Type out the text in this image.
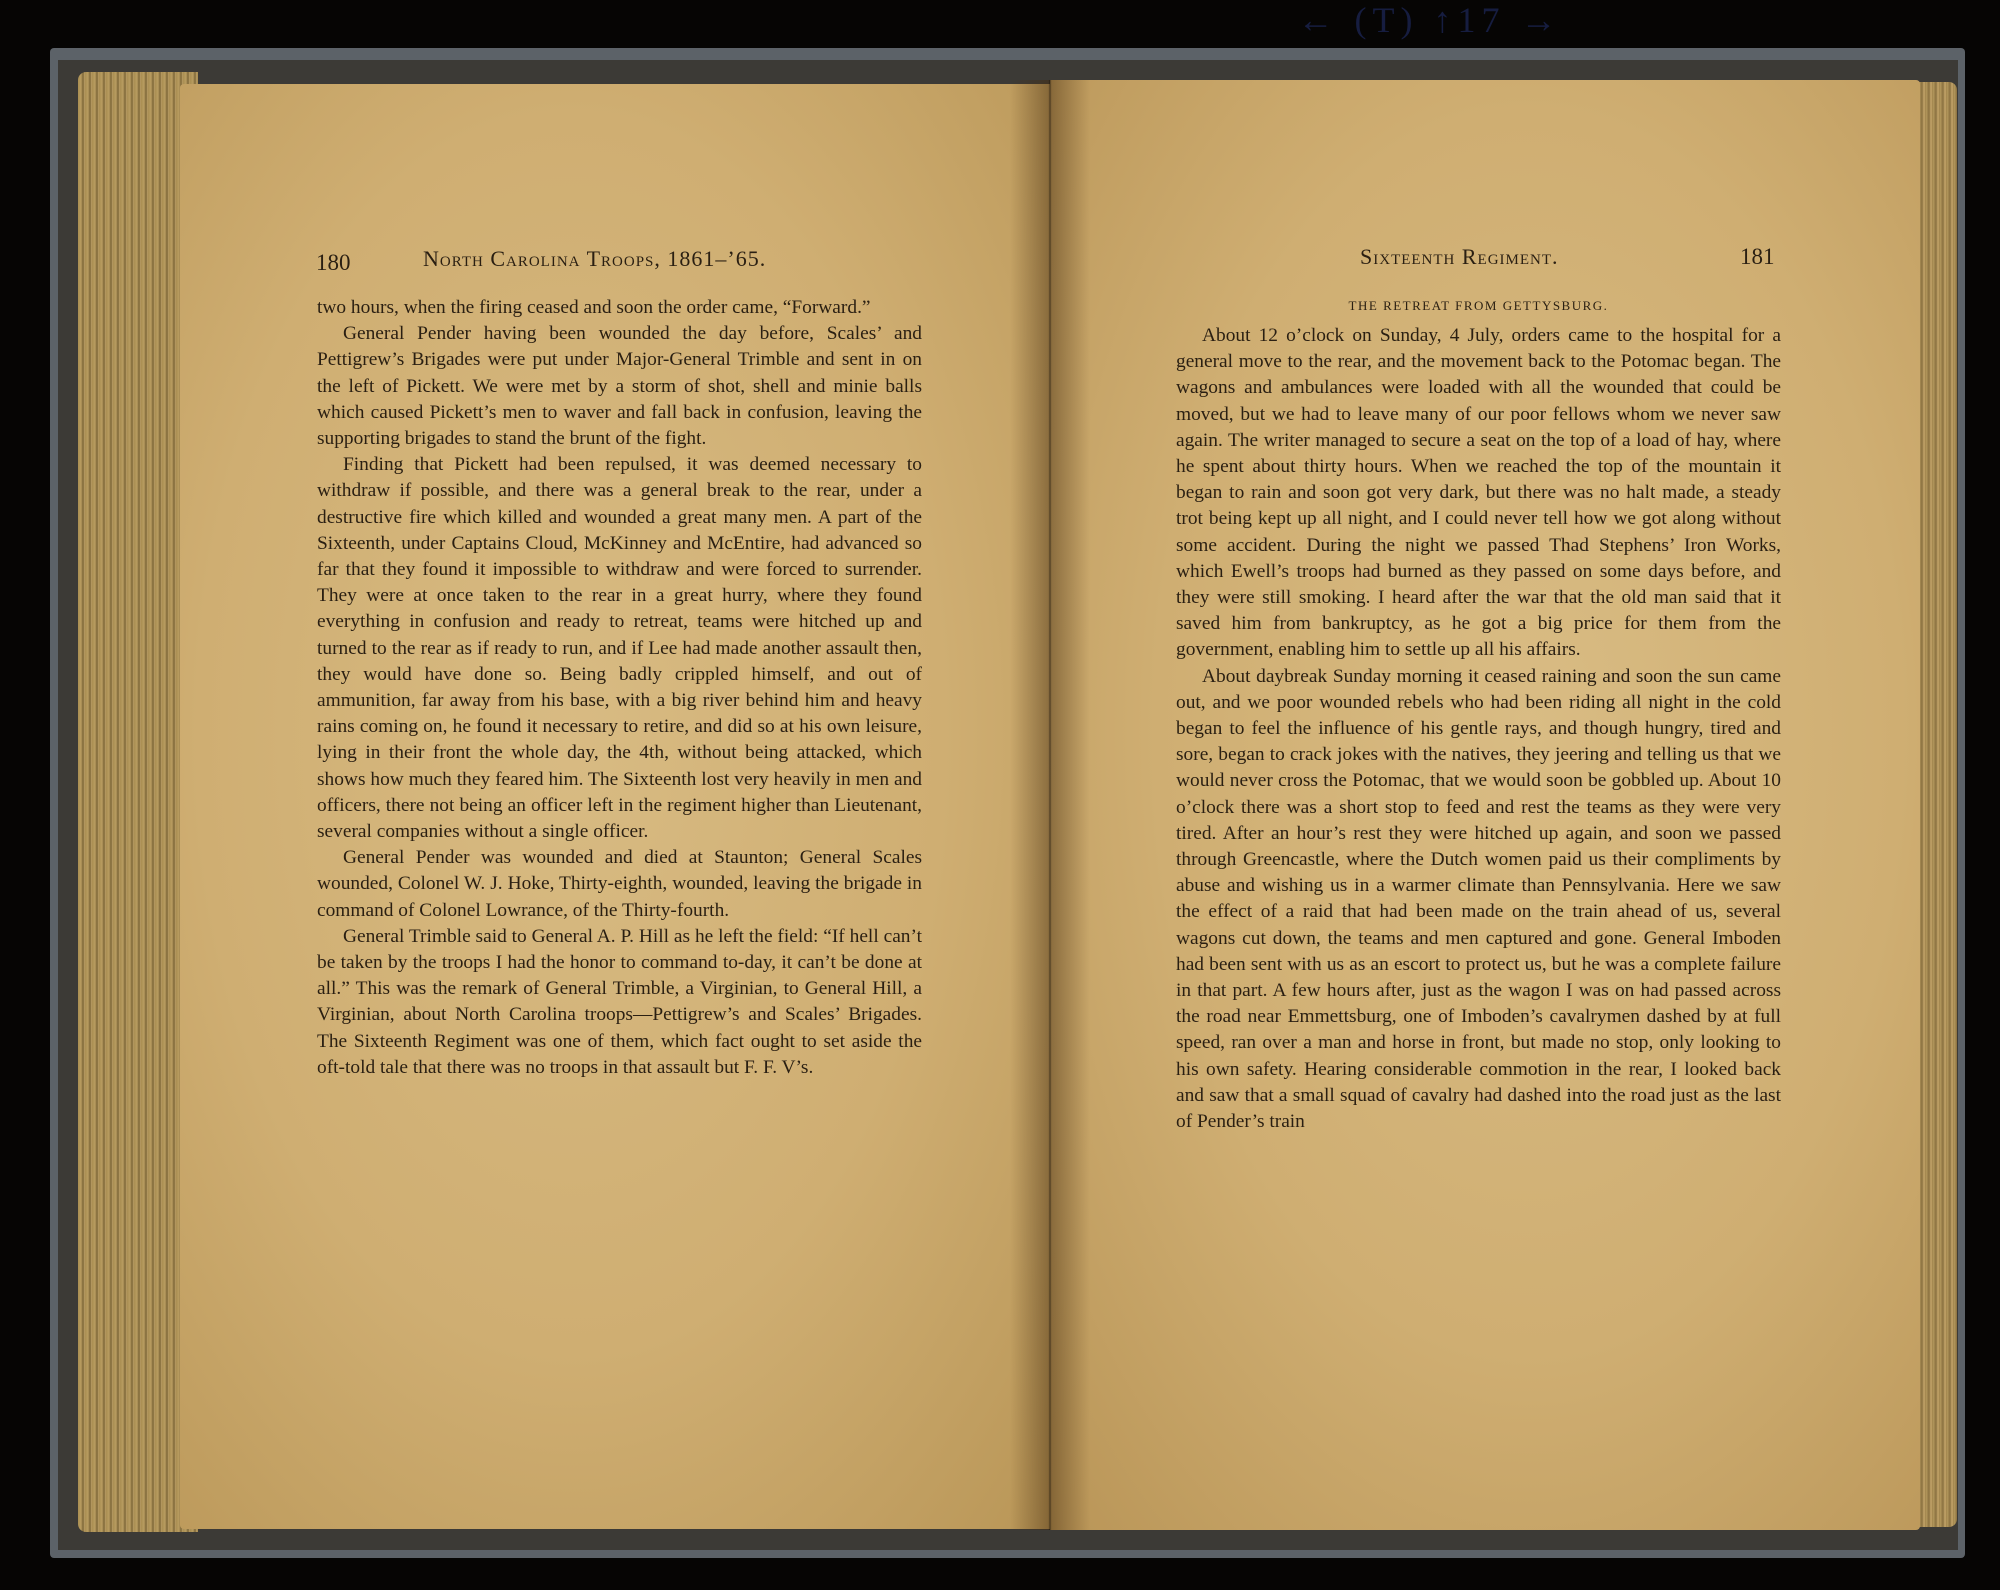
← (T) ↑17 →
180	North Carolina Troops, 1861–’65.

two hours, when the firing ceased and soon the order came, “Forward.”

General Pender having been wounded the day before, Scales’ and Pettigrew’s Brigades were put under Major-General Trimble and sent in on the left of Pickett. We were met by a storm of shot, shell and minie balls which caused Pickett’s men to waver and fall back in confusion, leaving the supporting brigades to stand the brunt of the fight.

Finding that Pickett had been repulsed, it was deemed necessary to withdraw if possible, and there was a general break to the rear, under a destructive fire which killed and wounded a great many men. A part of the Sixteenth, under Captains Cloud, McKinney and McEntire, had advanced so far that they found it impossible to withdraw and were forced to surrender. They were at once taken to the rear in a great hurry, where they found everything in confusion and ready to retreat, teams were hitched up and turned to the rear as if ready to run, and if Lee had made another assault then, they would have done so. Being badly crippled himself, and out of ammunition, far away from his base, with a big river behind him and heavy rains coming on, he found it necessary to retire, and did so at his own leisure, lying in their front the whole day, the 4th, without being attacked, which shows how much they feared him. The Sixteenth lost very heavily in men and officers, there not being an officer left in the regiment higher than Lieutenant, several companies without a single officer.

General Pender was wounded and died at Staunton; General Scales wounded, Colonel W. J. Hoke, Thirty-eighth, wounded, leaving the brigade in command of Colonel Lowrance, of the Thirty-fourth.

General Trimble said to General A. P. Hill as he left the field: “If hell can’t be taken by the troops I had the honor to command to-day, it can’t be done at all.” This was the remark of General Trimble, a Virginian, to General Hill, a Virginian, about North Carolina troops—Pettigrew’s and Scales’ Brigades. The Sixteenth Regiment was one of them, which fact ought to set aside the oft-told tale that there was no troops in that assault but F. F. V’s.

Sixteenth Regiment.	181
THE RETREAT FROM GETTYSBURG.

About 12 o’clock on Sunday, 4 July, orders came to the hospital for a general move to the rear, and the movement back to the Potomac began. The wagons and ambulances were loaded with all the wounded that could be moved, but we had to leave many of our poor fellows whom we never saw again. The writer managed to secure a seat on the top of a load of hay, where he spent about thirty hours. When we reached the top of the mountain it began to rain and soon got very dark, but there was no halt made, a steady trot being kept up all night, and I could never tell how we got along without some accident. During the night we passed Thad Stephens’ Iron Works, which Ewell’s troops had burned as they passed on some days before, and they were still smoking. I heard after the war that the old man said that it saved him from bankruptcy, as he got a big price for them from the government, enabling him to settle up all his affairs.

About daybreak Sunday morning it ceased raining and soon the sun came out, and we poor wounded rebels who had been riding all night in the cold began to feel the influence of his gentle rays, and though hungry, tired and sore, began to crack jokes with the natives, they jeering and telling us that we would never cross the Potomac, that we would soon be gobbled up. About 10 o’clock there was a short stop to feed and rest the teams as they were very tired. After an hour’s rest they were hitched up again, and soon we passed through Greencastle, where the Dutch women paid us their compliments by abuse and wishing us in a warmer climate than Pennsylvania. Here we saw the effect of a raid that had been made on the train ahead of us, several wagons cut down, the teams and men captured and gone. General Imboden had been sent with us as an escort to protect us, but he was a complete failure in that part. A few hours after, just as the wagon I was on had passed across the road near Emmettsburg, one of Imboden’s cavalrymen dashed by at full speed, ran over a man and horse in front, but made no stop, only looking to his own safety. Hearing considerable commotion in the rear, I looked back and saw that a small squad of cavalry had dashed into the road just as the last of Pender’s train
